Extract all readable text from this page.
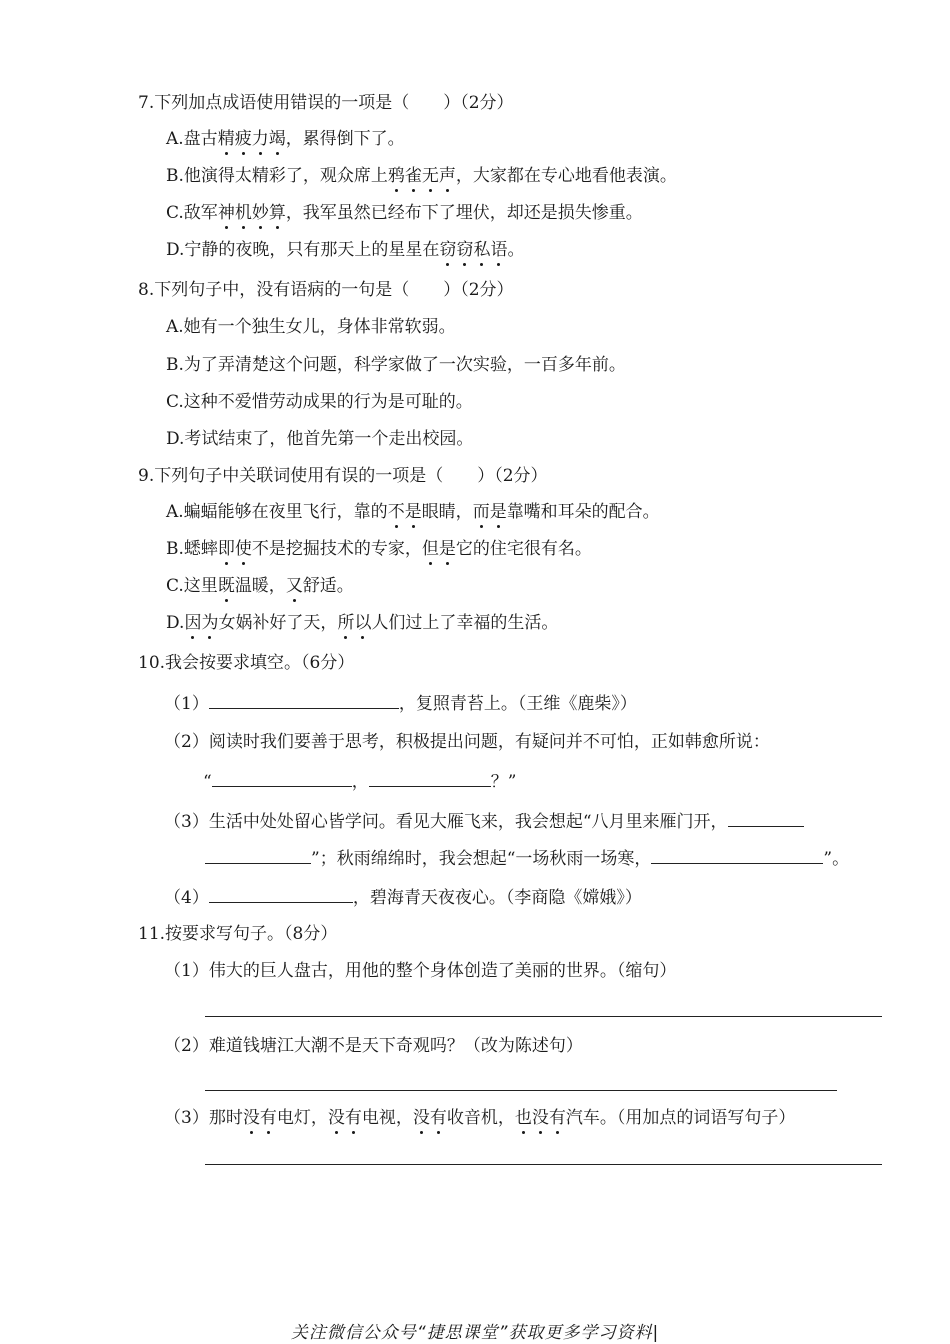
7.下列加点成语使用错误的一项是（　　）（2分）
A.盘古精疲力竭，累得倒下了。
B.他演得太精彩了，观众席上鸦雀无声，大家都在专心地看他表演。
C.敌军神机妙算，我军虽然已经布下了埋伏，却还是损失惨重。
D.宁静的夜晚，只有那天上的星星在窃窃私语。
8.下列句子中，没有语病的一句是（　　）（2分）
A.她有一个独生女儿，身体非常软弱。
B.为了弄清楚这个问题，科学家做了一次实验，一百多年前。
C.这种不爱惜劳动成果的行为是可耻的。
D.考试结束了，他首先第一个走出校园。
9.下列句子中关联词使用有误的一项是（　　）（2分）
A.蝙蝠能够在夜里飞行，靠的不是眼睛，而是靠嘴和耳朵的配合。
B.蟋蟀即使不是挖掘技术的专家，但是它的住宅很有名。
C.这里既温暖，又舒适。
D.因为女娲补好了天，所以人们过上了幸福的生活。
10.我会按要求填空。（6分）
（1）	，复照青苔上。（王维《鹿柴》）
（2）阅读时我们要善于思考，积极提出问题，有疑问并不可怕，正如韩愈所说：
“	，	？”
（3）生活中处处留心皆学问。看见大雁飞来，我会想起“八月里来雁门开，
”；秋雨绵绵时，我会想起“一场秋雨一场寒，	”。
（4）	，碧海青天夜夜心。（李商隐《嫦娥》）
11.按要求写句子。（8分）
（1）伟大的巨人盘古，用他的整个身体创造了美丽的世界。（缩句）
（2）难道钱塘江大潮不是天下奇观吗？（改为陈述句）
（3）那时没有电灯，没有电视，没有收音机，也没有汽车。（用加点的词语写句子）
关注微信公众号“捷思课堂”获取更多学习资料|
